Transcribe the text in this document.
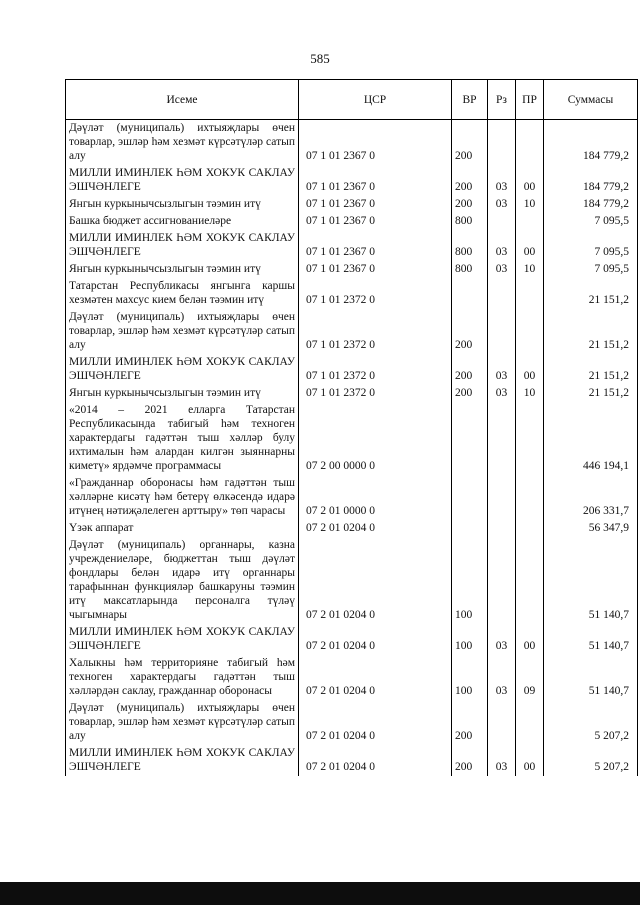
585
Исеме	ЦСР	ВР	Рз	ПР	Суммасы
Дәүләт (муниципаль) ихтыяҗлары өчен товарлар, эшләр һәм хезмәт күрсәтүләр сатып алу	07 1 01 2367 0	200			184 779,2
МИЛЛИ ИМИНЛЕК ҺӘМ ХОКУК САКЛАУ ЭШЧӘНЛЕГЕ	07 1 01 2367 0	200	03	00	184 779,2
Янгын куркынычсызлыгын тәэмин итү	07 1 01 2367 0	200	03	10	184 779,2
Башка бюджет ассигнованиеләре	07 1 01 2367 0	800			7 095,5
МИЛЛИ ИМИНЛЕК ҺӘМ ХОКУК САКЛАУ ЭШЧӘНЛЕГЕ	07 1 01 2367 0	800	03	00	7 095,5
Янгын куркынычсызлыгын тәэмин итү	07 1 01 2367 0	800	03	10	7 095,5
Татарстан Республикасы янгынга каршы хезмәтен махсус кием белән тәэмин итү	07 1 01 2372 0				21 151,2
Дәүләт (муниципаль) ихтыяҗлары өчен товарлар, эшләр һәм хезмәт күрсәтүләр сатып алу	07 1 01 2372 0	200			21 151,2
МИЛЛИ ИМИНЛЕК ҺӘМ ХОКУК САКЛАУ ЭШЧӘНЛЕГЕ	07 1 01 2372 0	200	03	00	21 151,2
Янгын куркынычсызлыгын тәэмин итү	07 1 01 2372 0	200	03	10	21 151,2
«2014 – 2021 елларга Татарстан Республикасында табигый һәм техноген характердагы гадәттән тыш хәлләр булу ихтималын һәм алардан килгән зыяннарны киметү» ярдәмче программасы	07 2 00 0000 0				446 194,1
«Гражданнар оборонасы һәм гадәттән тыш хәлләрне кисәтү һәм бетерү өлкәсендә идарә итүнең нәтиҗәлелеген арттыру» төп чарасы	07 2 01 0000 0				206 331,7
Үзәк аппарат	07 2 01 0204 0				56 347,9
Дәүләт (муниципаль) органнары, казна учреждениеләре, бюджеттан тыш дәүләт фондлары белән идарә итү органнары тарафыннан функцияләр башкаруны тәэмин итү максатларында персоналга түләү чыгымнары	07 2 01 0204 0	100			51 140,7
МИЛЛИ ИМИНЛЕК ҺӘМ ХОКУК САКЛАУ ЭШЧӘНЛЕГЕ	07 2 01 0204 0	100	03	00	51 140,7
Халыкны һәм территорияне табигый һәм техноген характердагы гадәттән тыш хәлләрдән саклау, гражданнар оборонасы	07 2 01 0204 0	100	03	09	51 140,7
Дәүләт (муниципаль) ихтыяҗлары өчен товарлар, эшләр һәм хезмәт күрсәтүләр сатып алу	07 2 01 0204 0	200			5 207,2
МИЛЛИ ИМИНЛЕК ҺӘМ ХОКУК САКЛАУ ЭШЧӘНЛЕГЕ	07 2 01 0204 0	200	03	00	5 207,2
